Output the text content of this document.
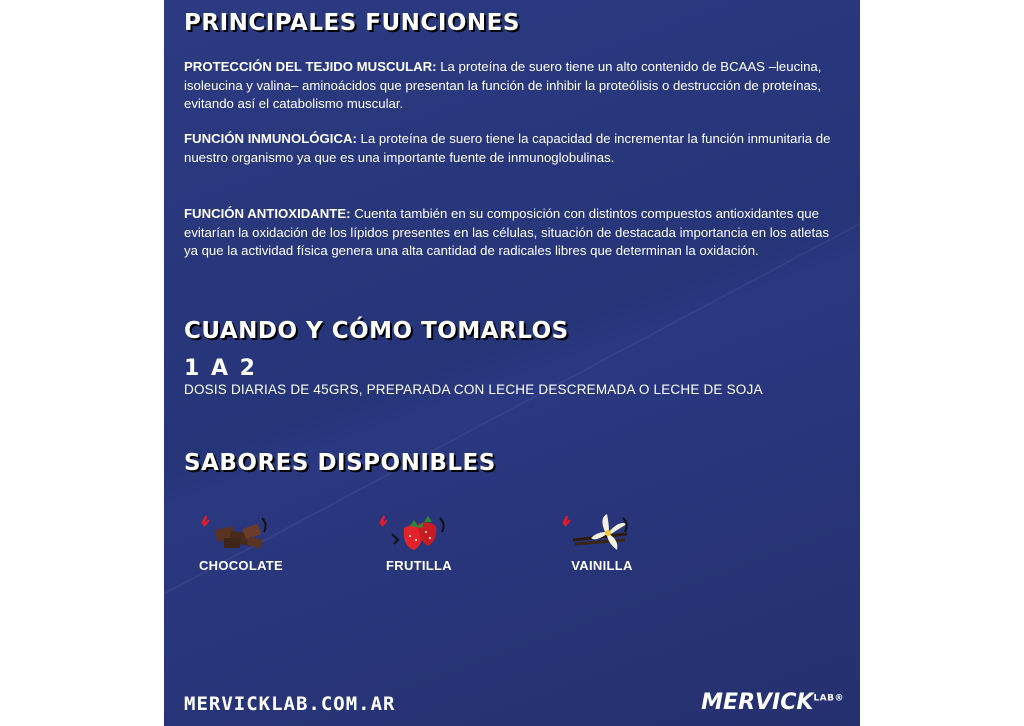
PRINCIPALES FUNCIONES
PROTECCIÓN DEL TEJIDO MUSCULAR: La proteína de suero tiene un alto contenido de BCAAS –leucina, isoleucina y valina– aminoácidos que presentan la función de inhibir la proteólisis o destrucción de proteínas, evitando así el catabolismo muscular.
FUNCIÓN INMUNOLÓGICA: La proteína de suero tiene la capacidad de incrementar la función inmunitaria de nuestro organismo ya que es una importante fuente de inmunoglobulinas.
FUNCIÓN ANTIOXIDANTE: Cuenta también en su composición con distintos compuestos antioxidantes que evitarían la oxidación de los lípidos presentes en las células, situación de destacada importancia en los atletas ya que la actividad física genera una alta cantidad de radicales libres que determinan la oxidación.
CUANDO Y CÓMO TOMARLOS
1 A 2
DOSIS DIARIAS DE 45GRS, PREPARADA CON LECHE DESCREMADA O LECHE DE SOJA
SABORES DISPONIBLES
CHOCOLATE	FRUTILLA	VAINILLA
MERVICKLAB.COM.AR	$MERVICK^{LAB®}$
